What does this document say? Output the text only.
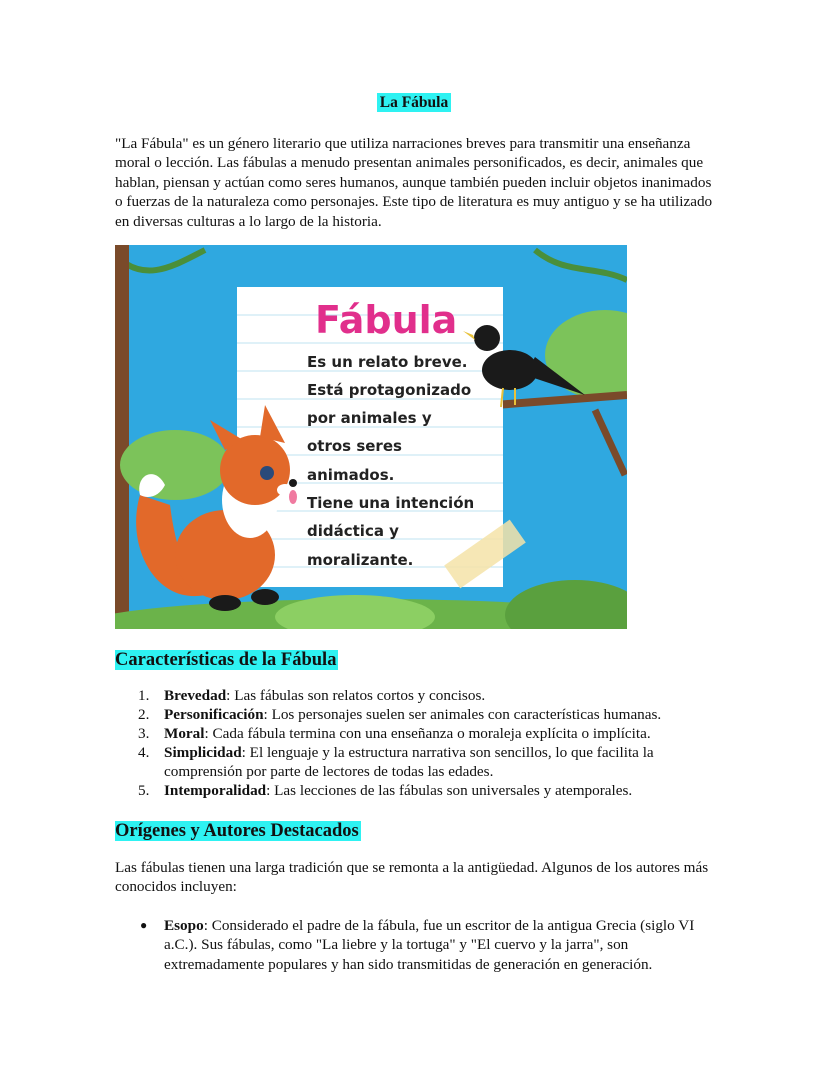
La Fábula

"La Fábula" es un género literario que utiliza narraciones breves para transmitir una enseñanza moral o lección. Las fábulas a menudo presentan animales personificados, es decir, animales que hablan, piensan y actúan como seres humanos, aunque también pueden incluir objetos inanimados o fuerzas de la naturaleza como personajes. Este tipo de literatura es muy antiguo y se ha utilizado en diversas culturas a lo largo de la historia.

Fábula
Es un relato breve.
Está protagonizado
por animales y
otros seres
animados.
Tiene una intención
didáctica y
moralizante.
Características de la Fábula
1. Brevedad: Las fábulas son relatos cortos y concisos.
2. Personificación: Los personajes suelen ser animales con características humanas.
3. Moral: Cada fábula termina con una enseñanza o moraleja explícita o implícita.
4. Simplicidad: El lenguaje y la estructura narrativa son sencillos, lo que facilita la comprensión por parte de lectores de todas las edades.
5. Intemporalidad: Las lecciones de las fábulas son universales y atemporales.
Orígenes y Autores Destacados

Las fábulas tienen una larga tradición que se remonta a la antigüedad. Algunos de los autores más conocidos incluyen:

● Esopo: Considerado el padre de la fábula, fue un escritor de la antigua Grecia (siglo VI a.C.). Sus fábulas, como "La liebre y la tortuga" y "El cuervo y la jarra", son extremadamente populares y han sido transmitidas de generación en generación.
